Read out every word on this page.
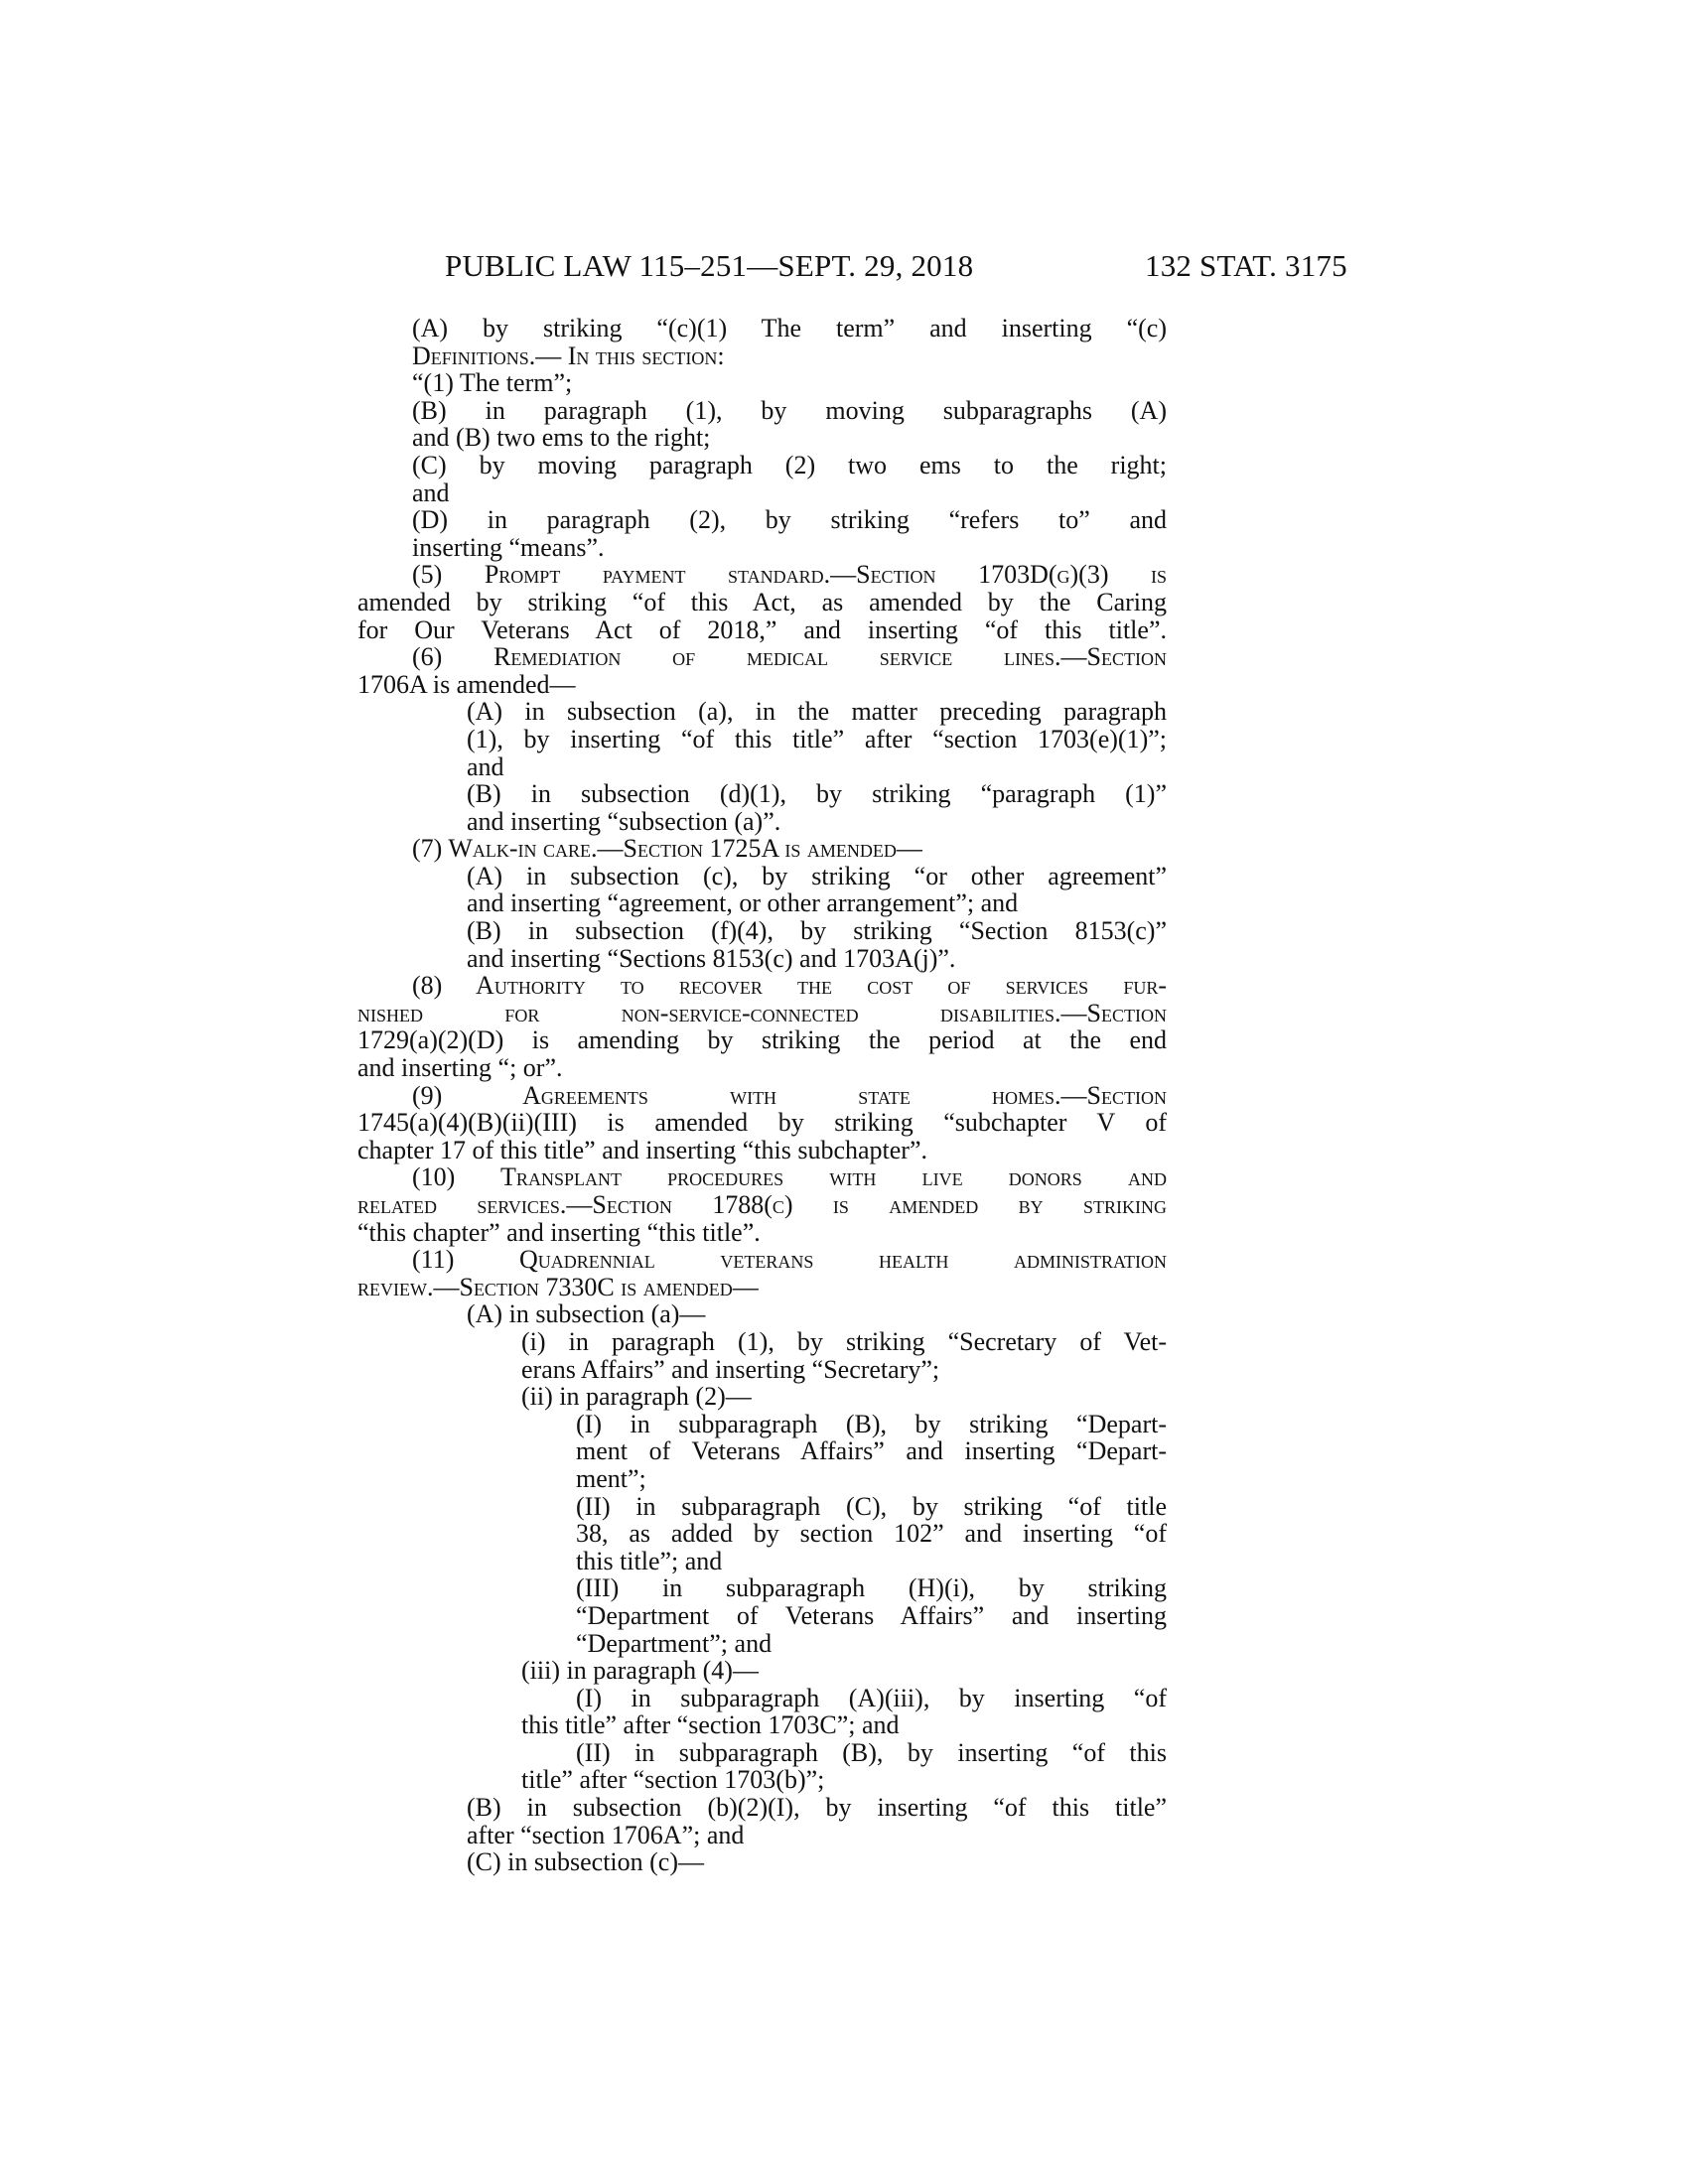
PUBLIC LAW 115–251—SEPT. 29, 2018	132 STAT. 3175
(A) by striking “(c)(1) The term” and inserting “(c)
Definitions.— In this section:
“(1) The term”;
(B) in paragraph (1), by moving subparagraphs (A)
and (B) two ems to the right;
(C) by moving paragraph (2) two ems to the right;
and
(D) in paragraph (2), by striking “refers to” and
inserting “means”.
(5) Prompt payment standard.—Section 1703D(g)(3) is
amended by striking “of this Act, as amended by the Caring
for Our Veterans Act of 2018,” and inserting “of this title”.
(6) Remediation of medical service lines.—Section
1706A is amended—
(A) in subsection (a), in the matter preceding paragraph
(1), by inserting “of this title” after “section 1703(e)(1)”;
and
(B) in subsection (d)(1), by striking “paragraph (1)”
and inserting “subsection (a)”.
(7) Walk-in care.—Section 1725A is amended—
(A) in subsection (c), by striking “or other agreement”
and inserting “agreement, or other arrangement”; and
(B) in subsection (f)(4), by striking “Section 8153(c)”
and inserting “Sections 8153(c) and 1703A(j)”.
(8) Authority to recover the cost of services fur-
nished for non-service-connected disabilities.—Section
1729(a)(2)(D) is amending by striking the period at the end
and inserting “; or”.
(9) Agreements with state homes.—Section
1745(a)(4)(B)(ii)(III) is amended by striking “subchapter V of
chapter 17 of this title” and inserting “this subchapter”.
(10) Transplant procedures with live donors and
related services.—Section 1788(c) is amended by striking
“this chapter” and inserting “this title”.
(11) Quadrennial veterans health administration
review.—Section 7330C is amended—
(A) in subsection (a)—
(i) in paragraph (1), by striking “Secretary of Vet-
erans Affairs” and inserting “Secretary”;
(ii) in paragraph (2)—
(I) in subparagraph (B), by striking “Depart-
ment of Veterans Affairs” and inserting “Depart-
ment”;
(II) in subparagraph (C), by striking “of title
38, as added by section 102” and inserting “of
this title”; and
(III) in subparagraph (H)(i), by striking
“Department of Veterans Affairs” and inserting
“Department”; and
(iii) in paragraph (4)—
(I) in subparagraph (A)(iii), by inserting “of
this title” after “section 1703C”; and
(II) in subparagraph (B), by inserting “of this
title” after “section 1703(b)”;
(B) in subsection (b)(2)(I), by inserting “of this title”
after “section 1706A”; and
(C) in subsection (c)—
